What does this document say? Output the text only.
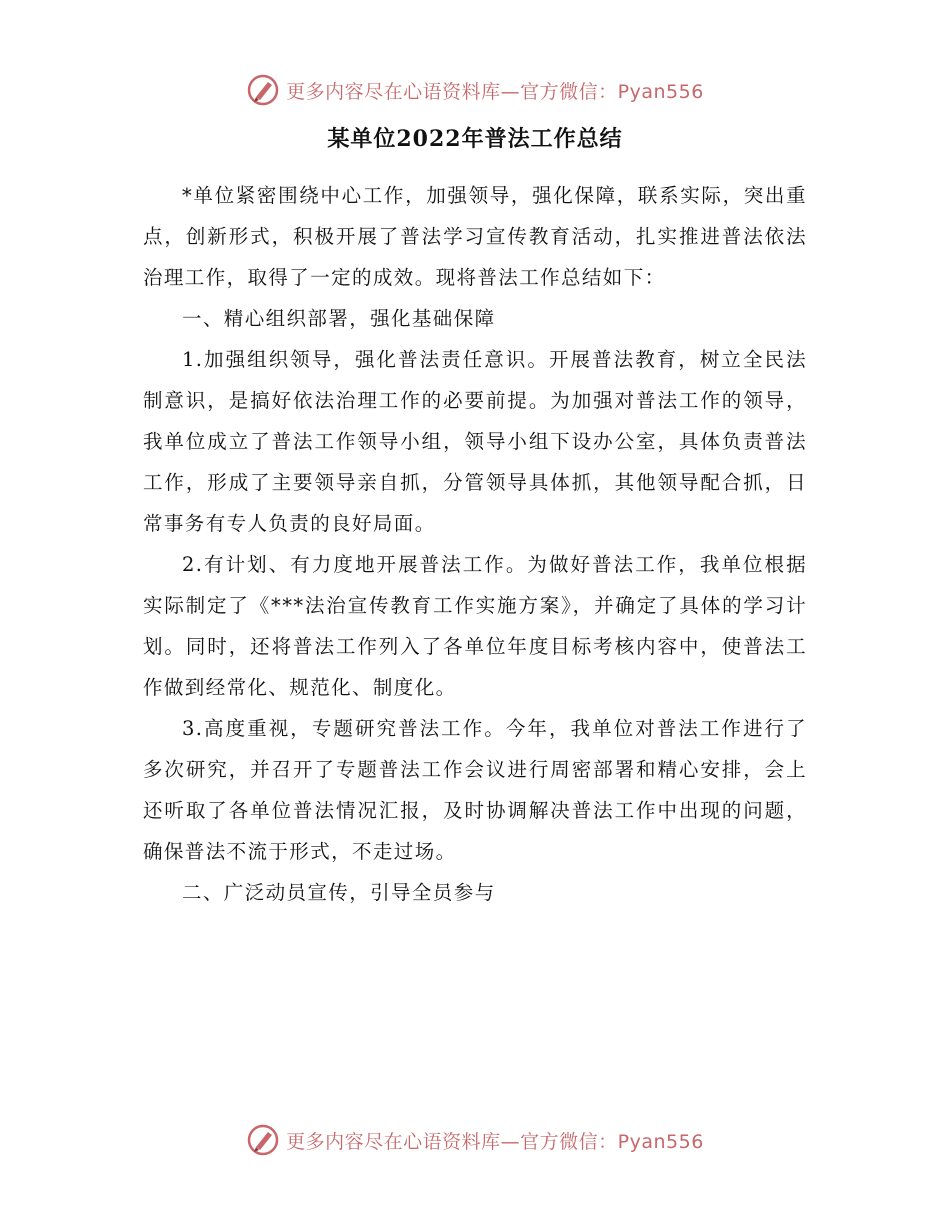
更多内容尽在心语资料库—官方微信：Pyan556
某单位2022年普法工作总结

*单位紧密围绕中心工作，加强领导，强化保障，联系实际，突出重点，创新形式，积极开展了普法学习宣传教育活动，扎实推进普法依法治理工作，取得了一定的成效。现将普法工作总结如下：

一、精心组织部署，强化基础保障

1.加强组织领导，强化普法责任意识。开展普法教育，树立全民法制意识，是搞好依法治理工作的必要前提。为加强对普法工作的领导，我单位成立了普法工作领导小组，领导小组下设办公室，具体负责普法工作，形成了主要领导亲自抓，分管领导具体抓，其他领导配合抓，日常事务有专人负责的良好局面。

2.有计划、有力度地开展普法工作。为做好普法工作，我单位根据实际制定了《***法治宣传教育工作实施方案》，并确定了具体的学习计划。同时，还将普法工作列入了各单位年度目标考核内容中，使普法工作做到经常化、规范化、制度化。

3.高度重视，专题研究普法工作。今年，我单位对普法工作进行了多次研究，并召开了专题普法工作会议进行周密部署和精心安排，会上还听取了各单位普法情况汇报，及时协调解决普法工作中出现的问题，确保普法不流于形式，不走过场。

二、广泛动员宣传，引导全员参与

更多内容尽在心语资料库—官方微信：Pyan556
